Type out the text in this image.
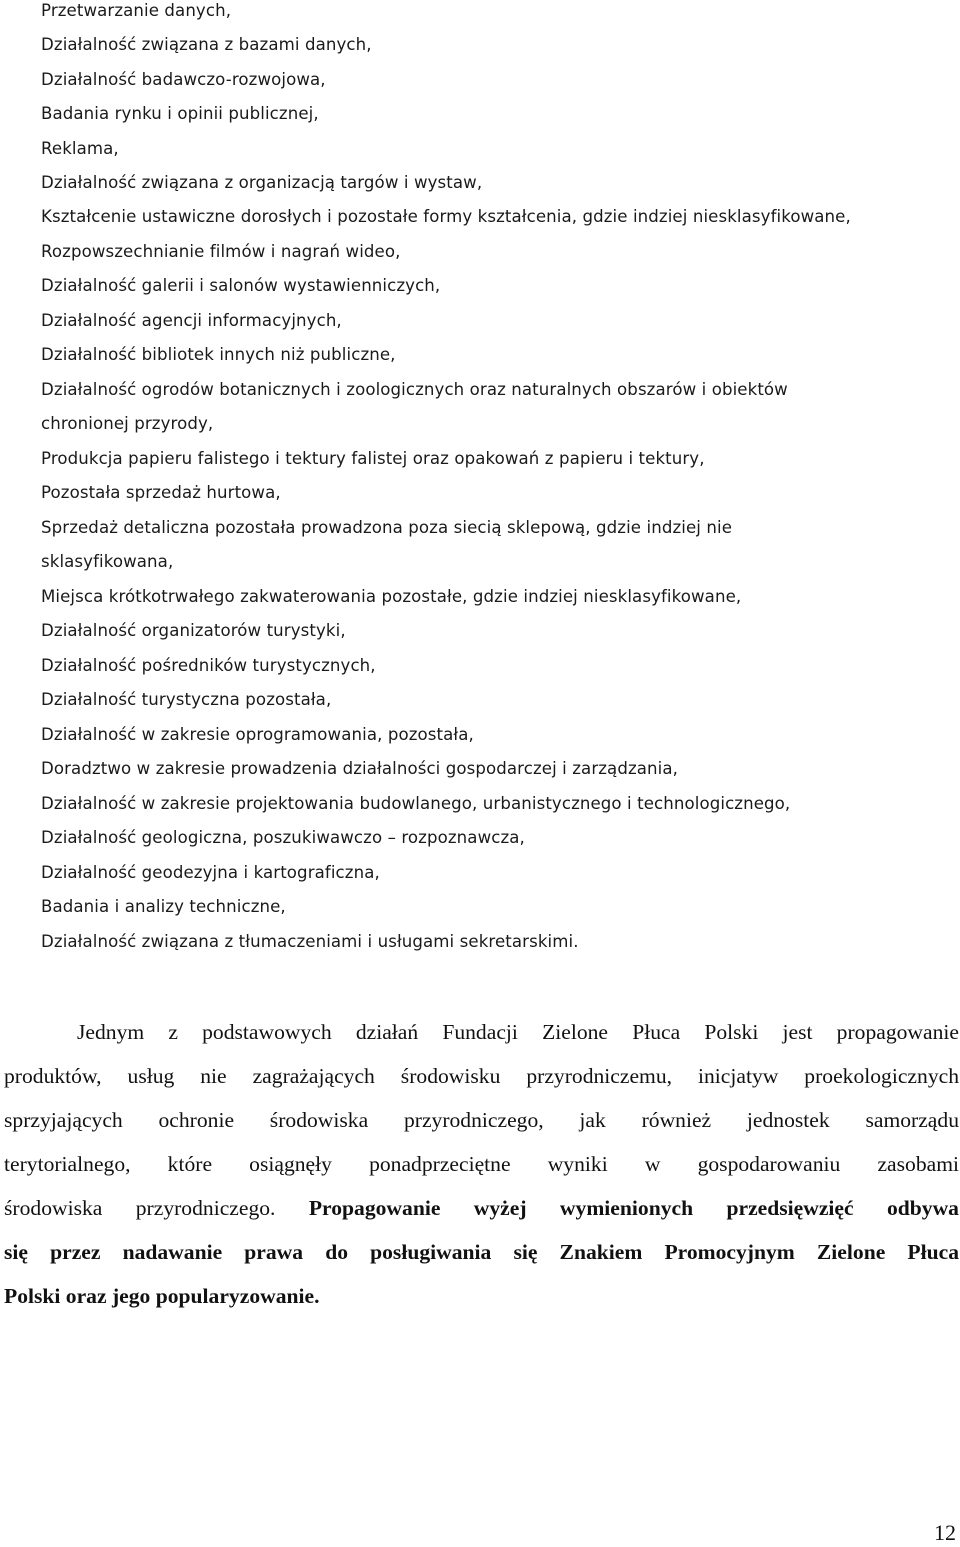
Przetwarzanie danych,
Działalność związana z bazami danych,
Działalność badawczo-rozwojowa,
Badania rynku i opinii publicznej,
Reklama,
Działalność związana z organizacją targów i wystaw,
Kształcenie ustawiczne dorosłych i pozostałe formy kształcenia, gdzie indziej niesklasyfikowane,
Rozpowszechnianie filmów i nagrań wideo,
Działalność galerii i salonów wystawienniczych,
Działalność agencji informacyjnych,
Działalność bibliotek innych niż publiczne,
Działalność ogrodów botanicznych i zoologicznych oraz naturalnych obszarów i obiektów
chronionej przyrody,
Produkcja papieru falistego i tektury falistej oraz opakowań z papieru i tektury,
Pozostała sprzedaż hurtowa,
Sprzedaż detaliczna pozostała prowadzona poza siecią sklepową, gdzie indziej nie
sklasyfikowana,
Miejsca krótkotrwałego zakwaterowania pozostałe, gdzie indziej niesklasyfikowane,
Działalność organizatorów turystyki,
Działalność pośredników turystycznych,
Działalność turystyczna pozostała,
Działalność w zakresie oprogramowania, pozostała,
Doradztwo w zakresie prowadzenia działalności gospodarczej i zarządzania,
Działalność w zakresie projektowania budowlanego, urbanistycznego i technologicznego,
Działalność geologiczna, poszukiwawczo – rozpoznawcza,
Działalność geodezyjna i kartograficzna,
Badania i analizy techniczne,
Działalność związana z tłumaczeniami i usługami sekretarskimi.
Jednym z podstawowych działań Fundacji Zielone Płuca Polski jest propagowanie
produktów, usług nie zagrażających środowisku przyrodniczemu, inicjatyw proekologicznych
sprzyjających ochronie środowiska przyrodniczego, jak również jednostek samorządu
terytorialnego, które osiągnęły ponadprzeciętne wyniki w gospodarowaniu zasobami
środowiska przyrodniczego. Propagowanie wyżej wymienionych przedsięwzięć odbywa
się przez nadawanie prawa do posługiwania się Znakiem Promocyjnym Zielone Płuca
Polski oraz jego popularyzowanie.
12
